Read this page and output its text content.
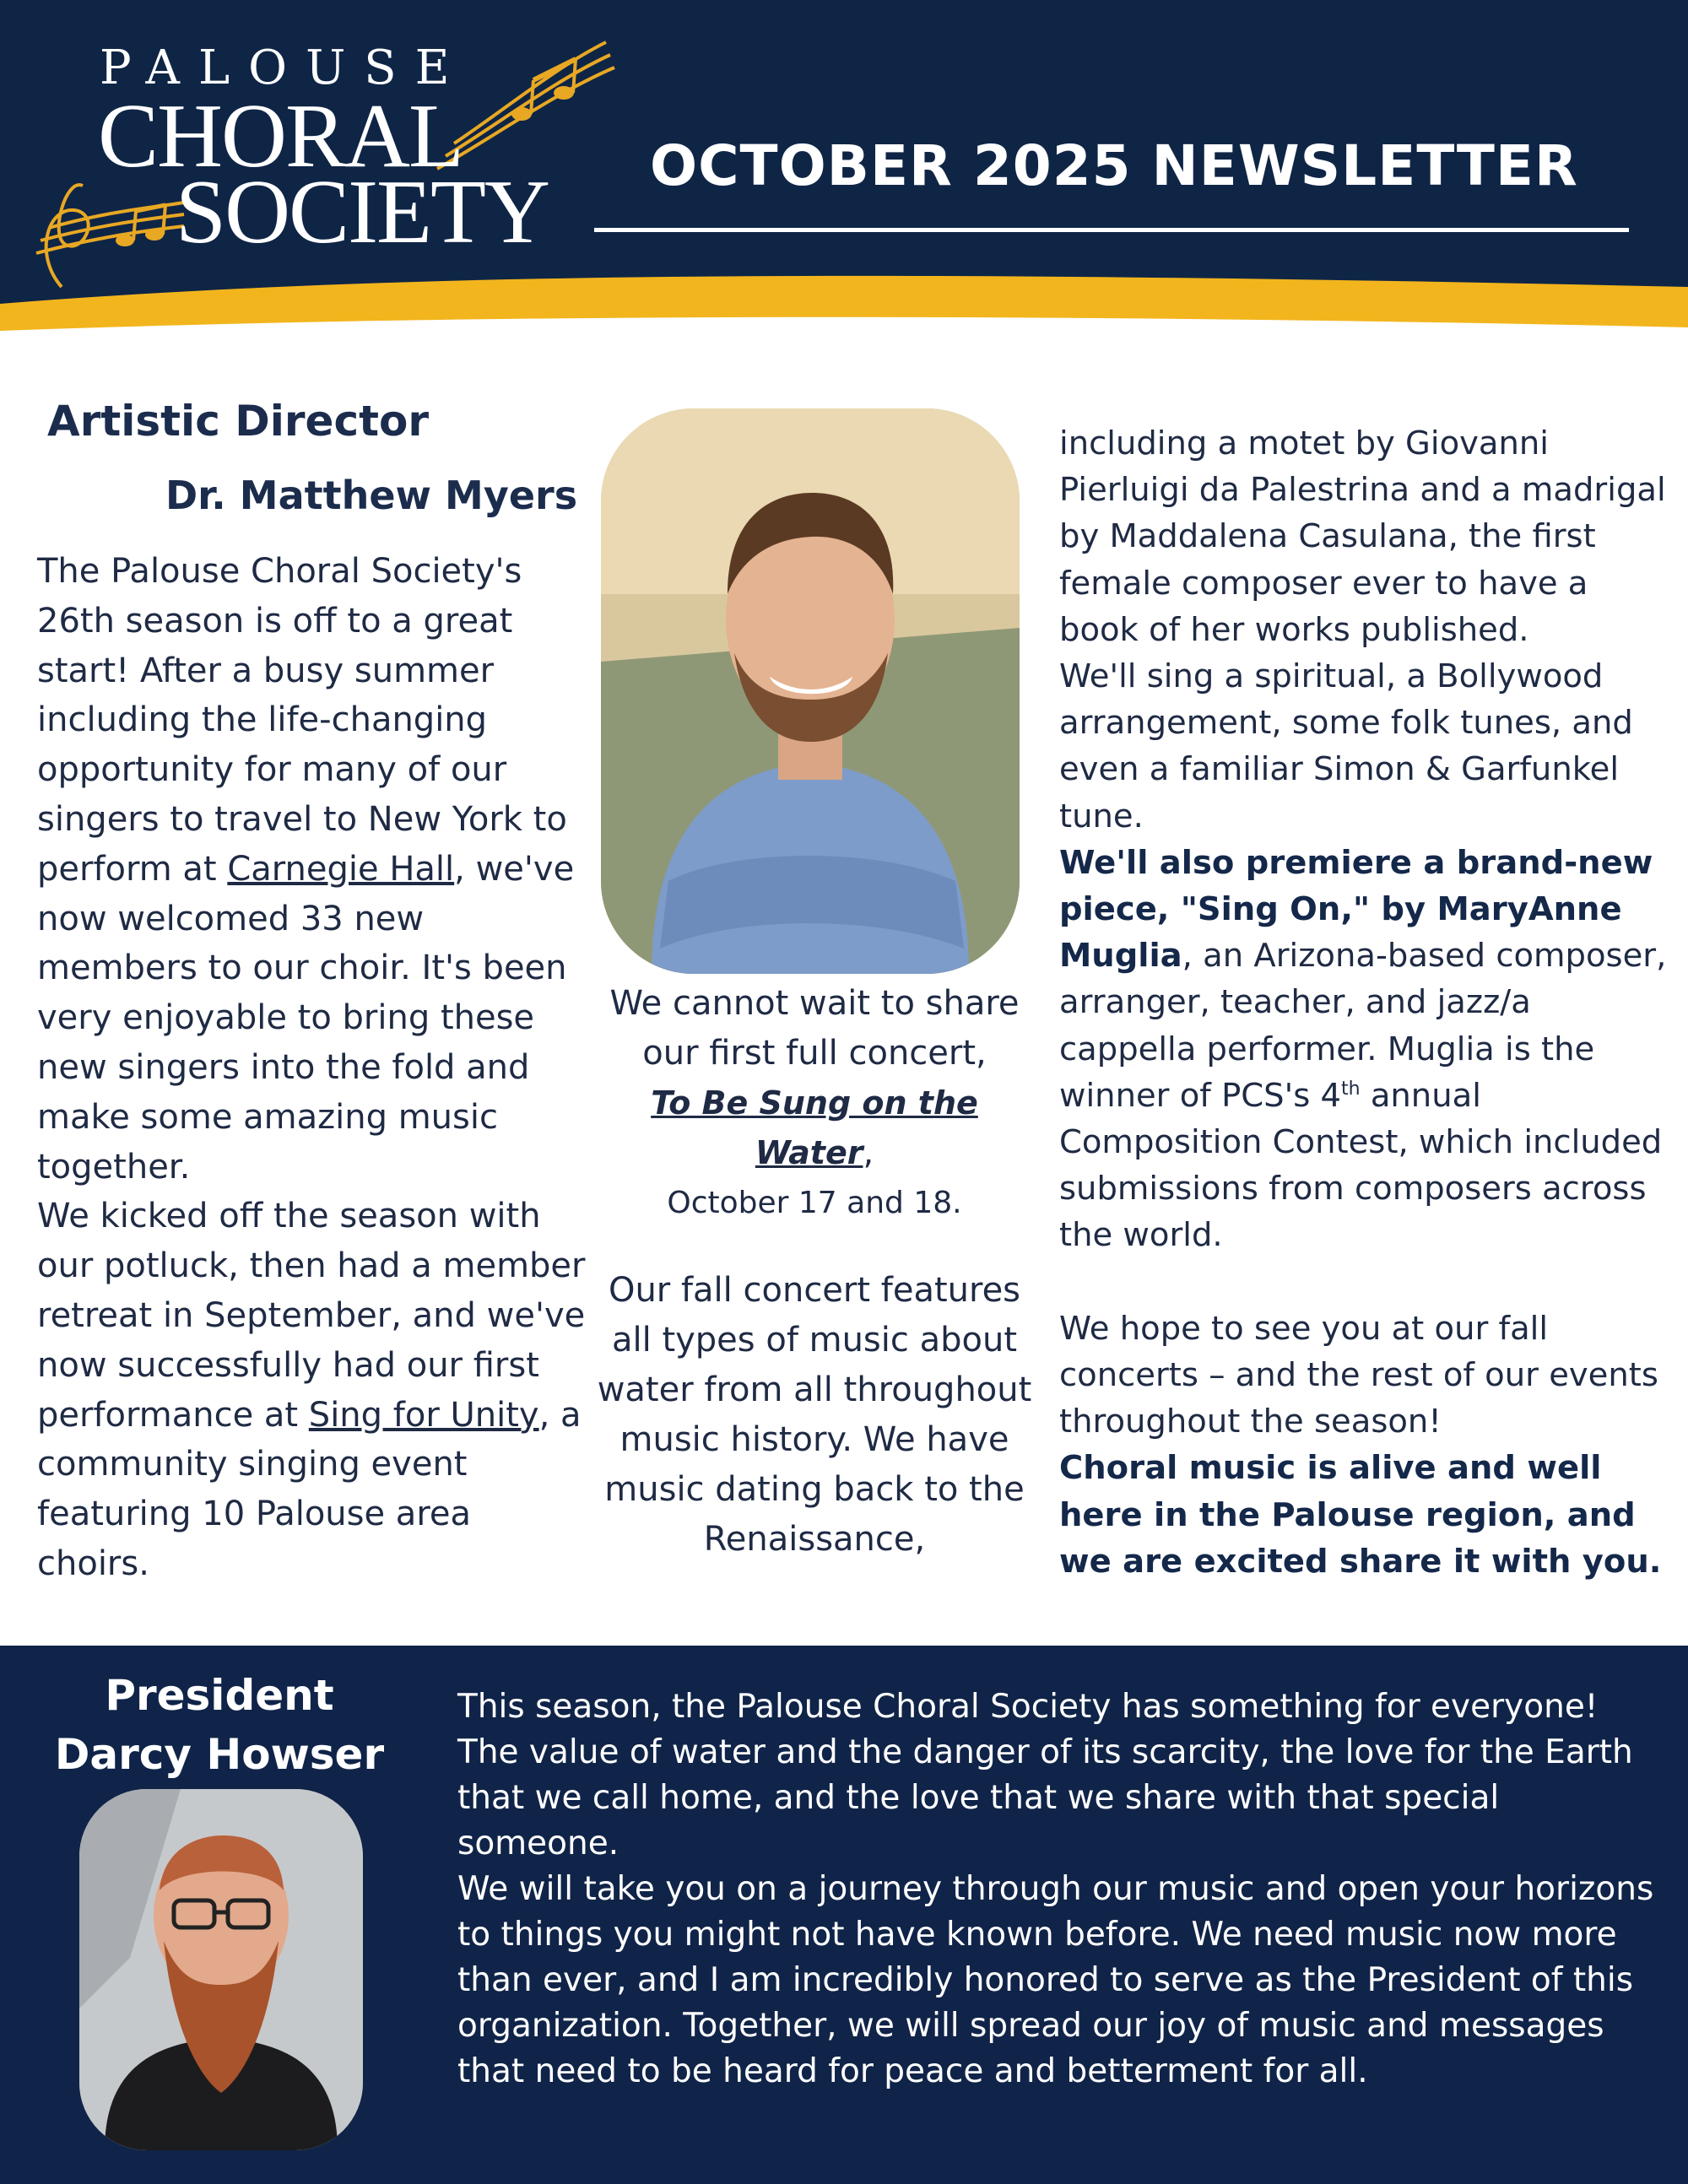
PALOUSE
CHORAL
SOCIETY OCTOBER 2025 NEWSLETTER
Artistic Director
Dr. Matthew Myers
The Palouse Choral Society's 26th season is off to a great start! After a busy summer including the life-changing opportunity for many of our singers to travel to New York to perform at Carnegie Hall, we've now welcomed 33 new members to our choir. It's been very enjoyable to bring these new singers into the fold and make some amazing music together.
We kicked off the season with our potluck, then had a member retreat in September, and we've now successfully had our first performance at Sing for Unity, a community singing event featuring 10 Palouse area choirs.
We cannot wait to share our first full concert,
To Be Sung on the Water,
October 17 and 18.
Our fall concert features all types of music about water from all throughout music history. We have music dating back to the Renaissance,
including a motet by Giovanni Pierluigi da Palestrina and a madrigal by Maddalena Casulana, the first female composer ever to have a book of her works published.
We'll sing a spiritual, a Bollywood arrangement, some folk tunes, and even a familiar Simon & Garfunkel tune.
We'll also premiere a brand-new piece, "Sing On," by MaryAnne Muglia, an Arizona-based composer, arranger, teacher, and jazz/a cappella performer. Muglia is the winner of PCS's 4th annual Composition Contest, which included submissions from composers across the world.

We hope to see you at our fall concerts – and the rest of our events throughout the season!
Choral music is alive and well here in the Palouse region, and we are excited share it with you.
President
Darcy Howser
This season, the Palouse Choral Society has something for everyone! The value of water and the danger of its scarcity, the love for the Earth that we call home, and the love that we share with that special someone.
We will take you on a journey through our music and open your horizons to things you might not have known before. We need music now more than ever, and I am incredibly honored to serve as the President of this organization. Together, we will spread our joy of music and messages that need to be heard for peace and betterment for all.
